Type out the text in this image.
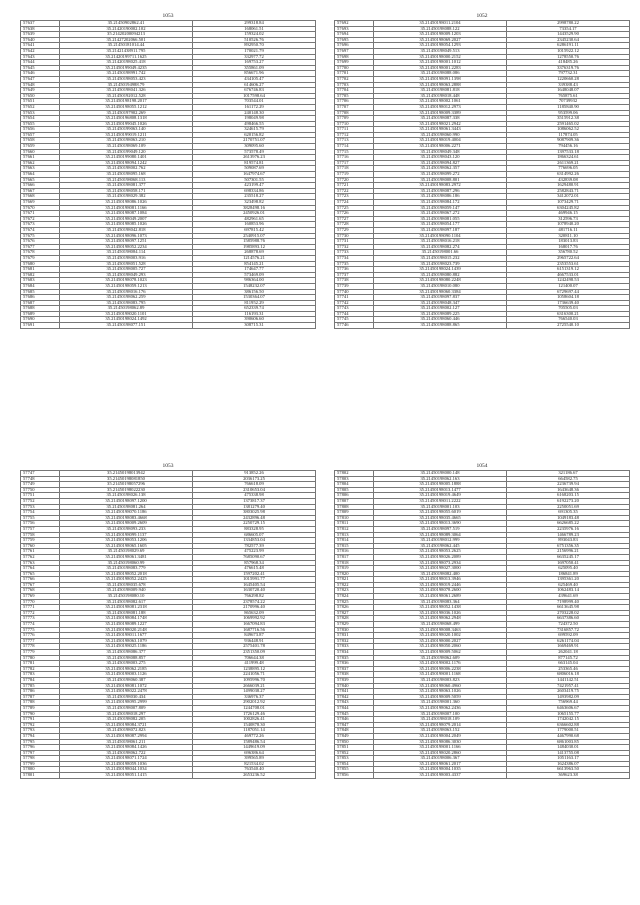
1053
57637	35.21450902862.41	299318.84
57638	35.21420190002.102	168061.51
57639	35.21420200094213	159324.02
57640	35.21427202066.501	510526.76
57641	35.21450181014.44	892950.70
57642	35.21421438911.795	170021.79
57643	35.21420199711.1625	332977.72
57644	35.21420198025.418	169753.27
57645	35.21450199049.4235	355861.09
57646	35.21450198991.742	856671.96
57647	35.21450198053.423	434105.47
57648	35.21450194988.79	614606.27
57649	35.21450198041.326	676746.83
57650	35.21450192012.528	1017598.64
57651	35.21450198198.2017	703544.01
57652	35.21450198055.1212	161172.29
57653	35.21450197902.269	240148.30
57654	35.21450196808.1318	198049.98
57655	35.21450199045.1026	498466.55
57656	35.21450199063.140	324615.79
57657	35.21450199019.1211	620156.82
57658	35.21450198063.210	2170751.07
57659	35.21450198069.109	309095.60
57660	35.21450199049.120	573578.49
57661	35.21450199080.1401	2613976.23
57662	35.21450198094.1242	819574.81
57663	35.21450198002.762	509087.69
57664	35.21450198095.168	1647974.67
57665	35.21450198068.113	507301.55
57666	35.21450198081.377	423199.47
57667	35.21450198058.171	698334.86
57668	35.21450198029.382	235518.27
57669	35.21450198086.1026	323498.82
57670	35.21450198081.1166	3828498.16
57671	35.21450198087.1084	2450926.01
57672	35.21450198049.2007	482961.65
57673	35.21450198085.1026	160853.96
57674	35.21450198042.818	697815.42
57675	35.21450198096.1073	2540915.07
57676	35.21450198097.1251	1585988.76
57677	35.21450198052.2234	1985893.12
57678	35.21450198084.114	268878.69
57679	35.21450198003.916	1214576.21
57680	35.21450198051.528	854145.21
57681	35.21450198005.727	174647.77
57682	35.21450198049.293	573469.09
57683	35.21450198078.1023	986364.00
57684	35.21450198059.1213	1548232.07
57685	35.21450198016.176	386156.50
57686	35.21450198062.259	1530364.07
57687	35.21450198083.795	811952.29
57688	35.21450198062.89	652339.74
57689	35.21450198020.1101	116193.31
57690	35.21450198024.1492	390606.60
57691	35.21450198077.151	308715.31
1052
57692	35.21450198011.2104	2998780.22
57693	35.21450198088.122	73354.17
57694	35.21450198009.1203	1443529.90
57695	35.21450198069.2027	2345230.64
57696	35.21450198054.1293	6286191.11
57697	35.21450198049.513	1015922.12
57698	35.21450198000.2152	1278550.76
57699	35.21450198001.1012	418485.26
57700	35.21450198001.2283	3376319.76
57701	35.21450198088.086	797732.31
57702	35.21450198091.1398	1220660.28
57703	35.21450198063.2888	339388.43
57704	35.21450198081.818	1648048.07
57705	35.21450198018.448	765875.61
57706	35.21450198002.1061	70739932
57707	35.21450198012.2973	1185840.90
57708	35.21450198009.3389	953599.06
57709	35.21450198087.338	3515912.38
57710	35.21450198021.2942	2591465.02
57711	35.21450198061.3443	1086062.52
57712	35.21450198060.990	117874.05
57713	35.21450198019.4004	9087909.36
57714	35.21450198006.2271	794456.16
57715	35.21450198049.348	1397533.18
57716	35.21450198043.120	1866324.61
57717	35.21450198094.827	2611369.21
57718	35.21450198062.357	776696.05
57719	35.21450198099.272	6314992.26
57720	35.21450198008.801	432839.08
57721	35.21450198083.2972	1629480.91
57722	35.21450198087.296	2582843.71
57723	35.21450198086.186	3412072.01
57724	35.21450198084.172	1073429.71
57725	35.21450198059.147	6304245.82
57726	35.21450198067.272	469946.15
57727	35.21450198081.055	312596.73
57728	35.21450198054.177	1078940.20
57729	35.21450198097.187	481716.11
57730	35.21450198090.1104	320811.10
57731	35.21450198016.218	183013.83
57732	35.21450198082.274	168017.76
57733	35.21450198001.66	356780.52
57734	35.21450198015.232	2965722.64
57735	35.21450198023.739	2353553.61
57736	35.21450198024.1439	6151319.12
57737	35.21450198080.882	4667533.01
57738	35.21450198080.2248	1242498.53
57739	35.21450198010.080	121400.07
57740	35.21450198060.3384	6729697.44
57741	35.21450198097.837	1058604.18
57742	35.21450198048.347	1736639.40
57743	35.21450198002.127	705505.03
57744	35.21450198089.225	6316300.21
57745	35.21450198060.446	766540.03
57746	35.21450198088.865	2725540.10
1053
57747	35.21450198013942	913852.26
57748	35.21450198081850	2036173.25
57749	35.21450198057296	766618.09
57750	35.21450198022230	2310653.04
57751	35.21450198026.138	475338.98
57752	35.21450198097.1200	1373817.37
57753	35.21450198081.264	1381279.40
57754	35.21450198070.1186	3803025.98
57755	35.21450198083.4668	2432896.48
57756	35.21450198009.2609	2250729.15
57757	35.21450198093.233	883328.95
57758	35.21450198099.1137	686605.07
57759	35.21450198053.1206	1334853.04
57760	35.21450198065.1605	782577.39
57761	35.21450198029.69	475223.99
57762	35.21450198061.3481	7685090.67
57763	35.21450198060.99	857968.34
57764	35.21450198083.779	476615.48
57765	35.21450198052.2018	1597202.41
57766	35.21450198052.2425	1015991.77
57767	35.21450198035.678	1645405.54
57768	35.21450198009.940	1630720.40
57769	35.21450198080.10	766298.82
57770	35.21450198082.617	2378574.22
57771	35.21450198081.2318	2170996.40
57772	35.21450198081.188	865632.09
57773	35.21450198084.1748	1069992.92
57774	35.21450198089.1227	1667094.83
57775	35.21450198020.2148	1687716.56
57776	35.21450198011.1677	849673.87
57777	35.21450198063.1079	936448.91
57778	35.21450198025.1186	2575401.78
57779	35.21450198086.377	2351350.09
57780	35.21450198088.857	706644.38
57781	35.21450198003.275	411999.48
57782	35.21450198062.2185	1238895.12
57783	35.21450198003.1126	2241056.71
57784	35.21450198060.387	1095996.70
57785	35.21450198081.1072	2666039.21
57786	35.21450198022.2478	1499038.27
57787	35.21450198030.434	336976.37
57788	35.21450198095.2999	2902012.92
57789	35.21450198007.809	1244708.01
57790	35.21450198018.297	1726129.46
57791	35.21450198082.205	1002826.41
57792	35.21450198084.3721	1540878.30
57793	35.21450198072.823	1187051.14
57794	35.21450198087.2994	469772.26
57795	35.21450198061.211	1589486.54
57796	35.21450198084.1426	1449619.09
57797	35.21450198062.722	696386.64
57798	35.21450198071.1724	399565.89
57799	35.21450198059.1036	821534.02
57800	35.21450198044.1034	763540.40
57801	35.21450198051.1415	2653236.52
1054
57802	35.21450198000.148	321186.67
57803	35.21450198062.163	664582.75
57804	35.21450198005.1888	2236739.94
57805	35.21450198013.1477	1643648.36
57806	35.21450198019.4649	6168203.15
57807	35.21450198011.2222	6192273.20
57808	35.21450198001.103	2250051.69
57809	35.21450198055.6019	691305.35
57810	35.21450198035.4665	1049183.48
57811	35.21450198013.3690	6626685.22
57812	35.21450198097.519	2235976.16
57813	35.21450198089.3064	1466789.23
57814	35.21450198012.999	893043.83
57815	35.21450198062.445	6751356.35
57816	35.21450198053.2625	2156996.21
57817	35.21450198026.2089	6635245.17
57818	35.21450198073.2934	1697050.41
57819	35.21450198027.3000	625095.40
57820	35.21450198082.400	186841.89
57821	35.21450198013.3946	1395361.20
57822	35.21450198019.2446	625469.40
57823	35.21450198078.2600	1062483.14
57824	35.21450198061.2689	439641.69
57825	35.21450198083.364	7198999.40
57826	35.21450198052.1438	6613645.98
57827	35.21450198036.1026	2703228.02
57828	35.21450198062.2948	6637386.60
57829	35.21450198068.499	724372.50
57830	35.21450198008.3463	7316857.72
57831	35.21450198020.1002	699592.09
57832	35.21450198000.2027	6261174.04
57833	35.21450198050.2060	1669469.91
57834	35.21450198009.5062	262041.18
57835	35.21450198062.609	877145.72
57836	35.21450198002.1176	663145.04
57837	35.21450198006.2238	253365.46
57838	35.21450198001.1168	6806016.18
57839	35.21450198003.823	1441142.51
57840	35.21450198060.4960	7421957.41
57841	35.21450198063.1026	2603419.75
57842	35.21450198009.5059	1493982.09
57843	35.21450198001.360	756969.44
57844	35.21450198062.2436	6463606.67
57845	35.21450198007.100	1065155.77
57846	35.21450198018.109	1742042.15
57847	35.21450198079.2014	6366602.88
57848	35.21450198063.152	1779000.51
57849	35.21450198004.2049	4467990.68
57850	35.21450198086.3030	6861003.85
57851	35.21450198001.1166	1484030.01
57852	35.21450198020.2860	1413755.08
57853	35.21450198006.367	1051163.17
57854	35.21450198061.2017	1624386.07
57855	35.21450198004.1035	6613963.50
57856	35.21450198003.4337	369623.38
